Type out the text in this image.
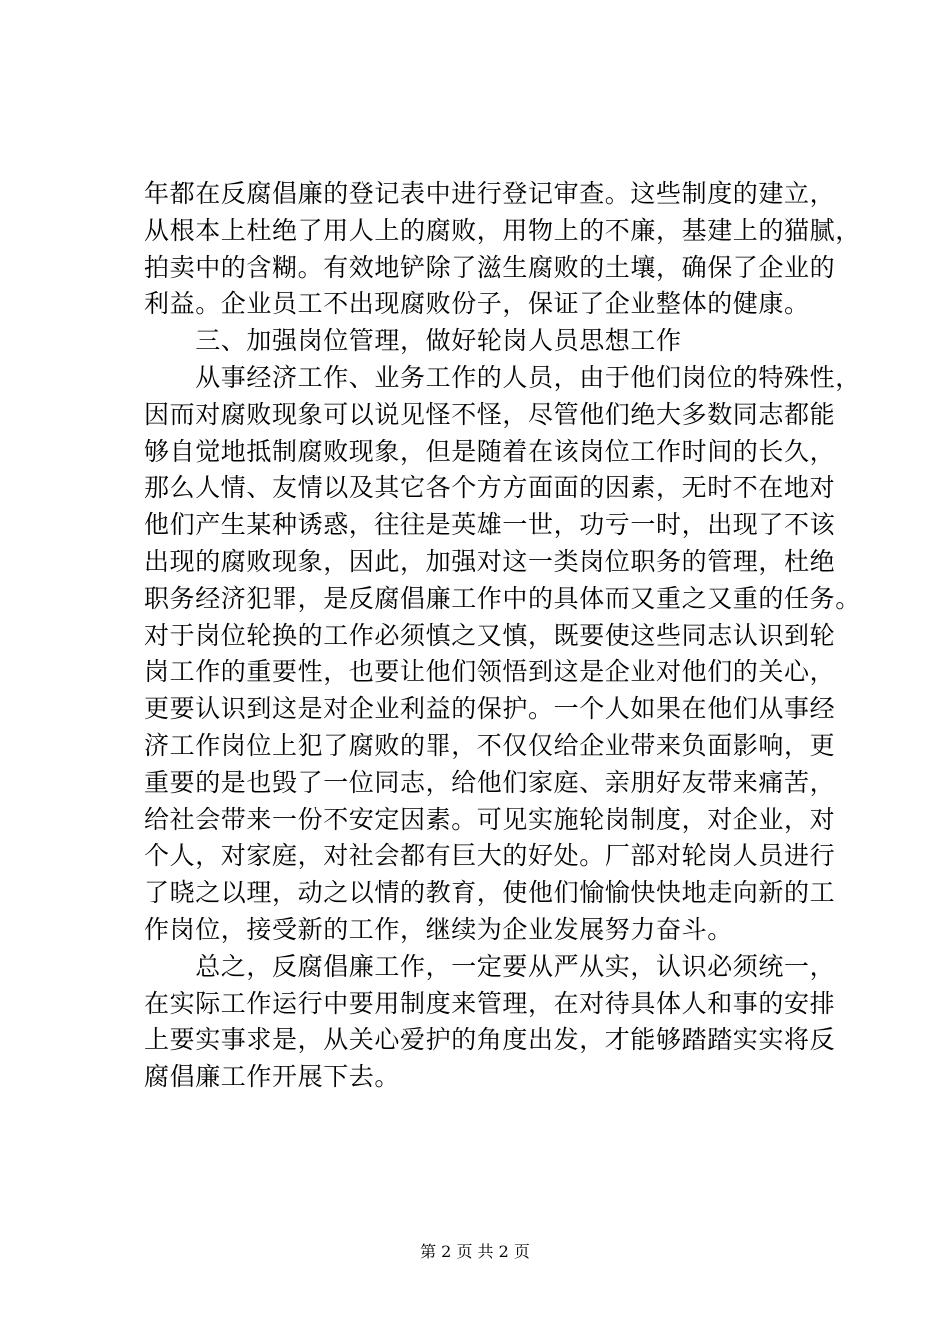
年都在反腐倡廉的登记表中进行登记审查。这些制度的建立，
从根本上杜绝了用人上的腐败，用物上的不廉，基建上的猫腻，
拍卖中的含糊。有效地铲除了滋生腐败的土壤，确保了企业的
利益。企业员工不出现腐败份子，保证了企业整体的健康。
　　三、加强岗位管理，做好轮岗人员思想工作
　　从事经济工作、业务工作的人员，由于他们岗位的特殊性，
因而对腐败现象可以说见怪不怪，尽管他们绝大多数同志都能
够自觉地抵制腐败现象，但是随着在该岗位工作时间的长久，
那么人情、友情以及其它各个方方面面的因素，无时不在地对
他们产生某种诱惑，往往是英雄一世，功亏一时，出现了不该
出现的腐败现象，因此，加强对这一类岗位职务的管理，杜绝
职务经济犯罪，是反腐倡廉工作中的具体而又重之又重的任务。
对于岗位轮换的工作必须慎之又慎，既要使这些同志认识到轮
岗工作的重要性，也要让他们领悟到这是企业对他们的关心，
更要认识到这是对企业利益的保护。一个人如果在他们从事经
济工作岗位上犯了腐败的罪，不仅仅给企业带来负面影响，更
重要的是也毁了一位同志，给他们家庭、亲朋好友带来痛苦，
给社会带来一份不安定因素。可见实施轮岗制度，对企业，对
个人，对家庭，对社会都有巨大的好处。厂部对轮岗人员进行
了晓之以理，动之以情的教育，使他们愉愉快快地走向新的工
作岗位，接受新的工作，继续为企业发展努力奋斗。
　　总之，反腐倡廉工作，一定要从严从实，认识必须统一，
在实际工作运行中要用制度来管理，在对待具体人和事的安排
上要实事求是，从关心爱护的角度出发，才能够踏踏实实将反
腐倡廉工作开展下去。
第 2 页 共 2 页
